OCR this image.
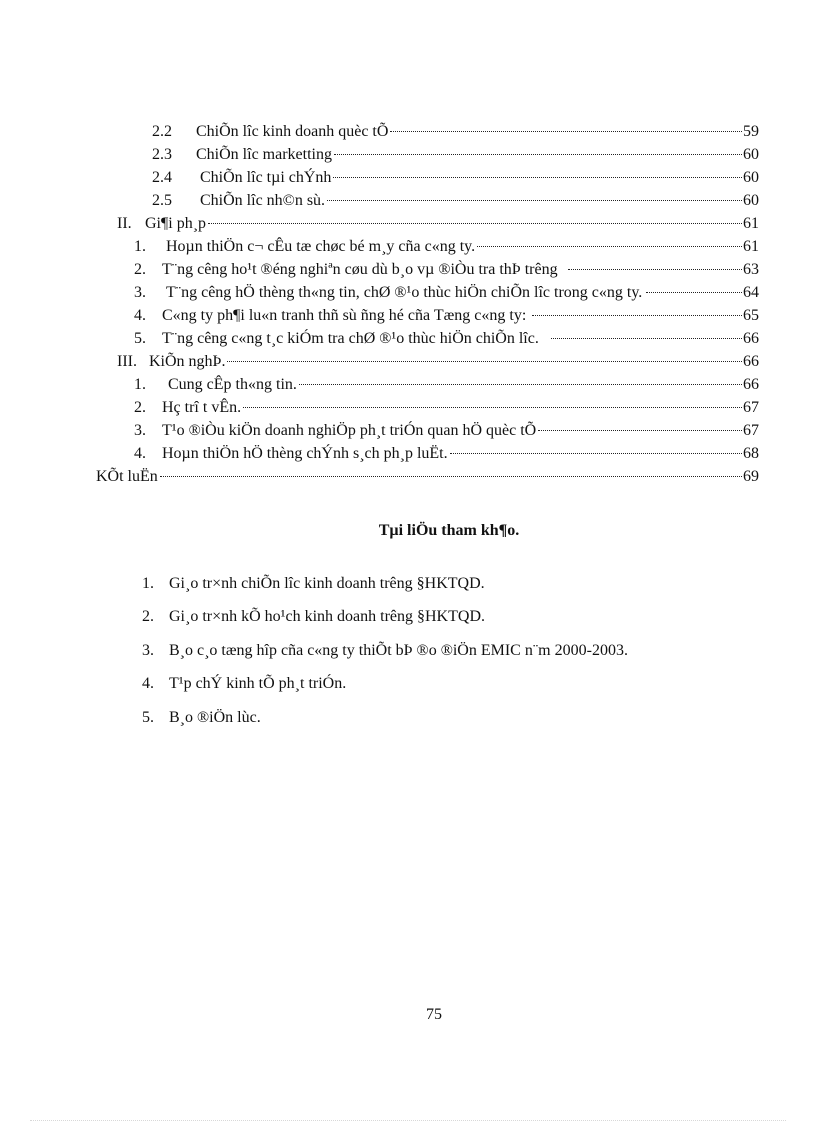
2.2	ChiÕn lîc kinh doanh quèc tÕ	59
2.3	ChiÕn lîc marketting	60
2.4	ChiÕn lîc tµi chÝnh	60
2.5	ChiÕn lîc nh©n sù.	60
II. Gi¶i ph¸p	61
1.	Hoµn thiÖn c¬ cÊu tæ chøc bé m¸y cña c«ng ty.	61
2.	T¨ng cêng ho¹t ®éng nghiªn cøu dù b¸o vµ ®iÒu tra thÞ trêng	63
3.	T¨ng cêng hÖ thèng th«ng tin, chØ ®¹o thùc hiÖn chiÕn lîc trong c«ng ty.	64
4.	C«ng ty ph¶i lu«n tranh thñ sù ñng hé cña Tæng c«ng ty:	65
5.	T¨ng cêng c«ng t¸c kiÓm tra chØ ®¹o thùc hiÖn chiÕn lîc.	66
III. KiÕn nghÞ.	66
1.	Cung cÊp th«ng tin.	66
2.	Hç trî t vÊn.	67
3.	T¹o ®iÒu kiÖn doanh nghiÖp ph¸t triÓn quan hÖ quèc tÕ	67
4.	Hoµn thiÖn hÖ thèng chÝnh s¸ch ph¸p luËt.	68
KÕt luËn	69
Tµi liÖu tham kh¶o.
1. Gi¸o tr×nh chiÕn lîc kinh doanh trêng §HKTQD.
2. Gi¸o tr×nh kÕ ho¹ch kinh doanh trêng §HKTQD.
3. B¸o c¸o tæng hîp cña c«ng ty thiÕt bÞ ®o ®iÖn EMIC n¨m 2000-2003.
4. T¹p chÝ kinh tÕ ph¸t triÓn.
5. B¸o ®iÖn lùc.
75
